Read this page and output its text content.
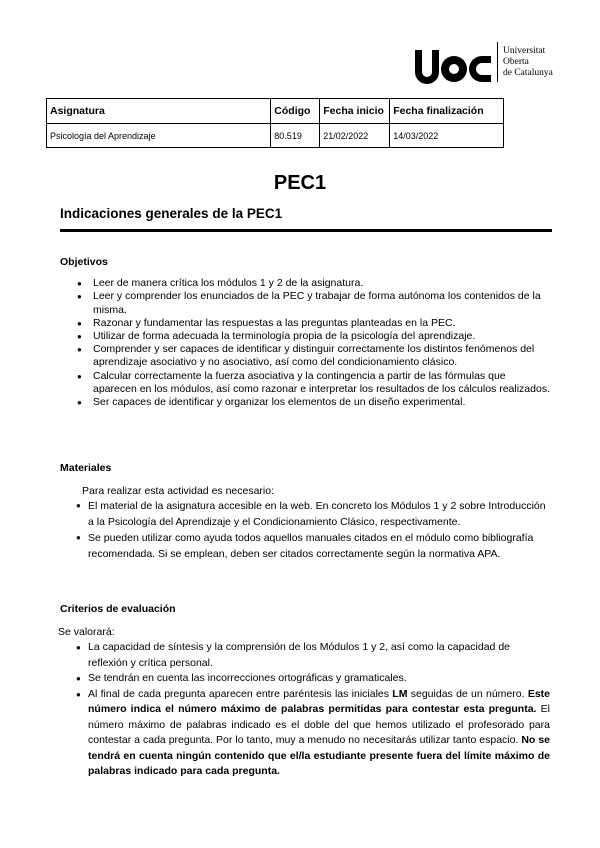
Universitat
Oberta
de Catalunya
Asignatura	Código	Fecha inicio	Fecha finalización
Psicología del Aprendizaje	80.519	21/02/2022	14/03/2022
PEC1
Indicaciones generales de la PEC1
Objetivos
● Leer de manera crítica los módulos 1 y 2 de la asignatura.
● Leer y comprender los enunciados de la PEC y trabajar de forma autónoma los contenidos de la misma.
● Razonar y fundamentar las respuestas a las preguntas planteadas en la PEC.
● Utilizar de forma adecuada la terminología propia de la psicología del aprendizaje.
● Comprender y ser capaces de identificar y distinguir correctamente los distintos fenómenos del aprendizaje asociativo y no asociativo, así como del condicionamiento clásico.
● Calcular correctamente la fuerza asociativa y la contingencia a partir de las fórmulas que aparecen en los módulos, así como razonar e interpretar los resultados de los cálculos realizados.
● Ser capaces de identificar y organizar los elementos de un diseño experimental.
Materiales
Para realizar esta actividad es necesario:
● El material de la asignatura accesible en la web. En concreto los Módulos 1 y 2 sobre Introducción a la Psicología del Aprendizaje y el Condicionamiento Clásico, respectivamente.
● Se pueden utilizar como ayuda todos aquellos manuales citados en el módulo como bibliografía recomendada. Si se emplean, deben ser citados correctamente según la normativa APA.
Criterios de evaluación
Se valorará:
● La capacidad de síntesis y la comprensión de los Módulos 1 y 2, así como la capacidad de reflexión y crítica personal.
● Se tendrán en cuenta las incorrecciones ortográficas y gramaticales.
● Al final de cada pregunta aparecen entre paréntesis las iniciales LM seguidas de un número. Este número indica el número máximo de palabras permitidas para contestar esta pregunta. El número máximo de palabras indicado es el doble del que hemos utilizado el profesorado para contestar a cada pregunta. Por lo tanto, muy a menudo no necesitarás utilizar tanto espacio. No se tendrá en cuenta ningún contenido que el/la estudiante presente fuera del límite máximo de palabras indicado para cada pregunta.
